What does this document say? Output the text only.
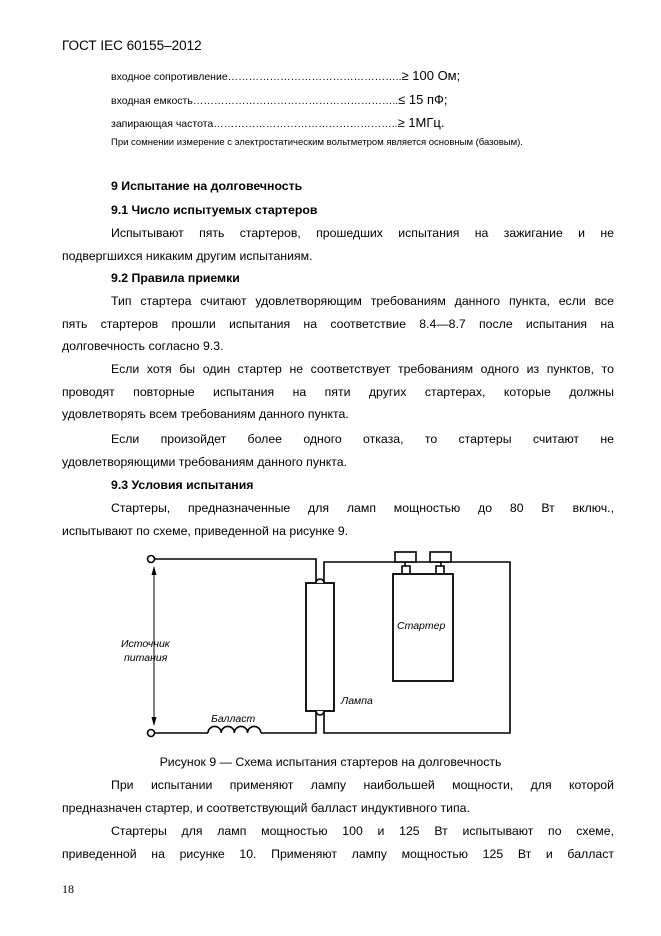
ГОСТ IEC 60155–2012
входное сопротивление…………………………………………..≥ 100 Ом;
входная емкость…………………………………………………..≤ 15 пФ;
запирающая частота……………………………………………..≥ 1МГц.
При сомнении измерение с электростатическим вольтметром является основным (базовым).
9 Испытание на долговечность
9.1 Число испытуемых стартеров
Испытывают пять стартеров, прошедших испытания на зажигание и не
подвергшихся никаким другим испытаниям.
9.2 Правила приемки
Тип стартера считают удовлетворяющим требованиям данного пункта, если все
пять стартеров прошли испытания на соответствие 8.4—8.7 после испытания на
долговечность согласно 9.3.
Если хотя бы один стартер не соответствует требованиям одного из пунктов, то
проводят повторные испытания на пяти других стартерах, которые должны
удовлетворять всем требованиям данного пункта.
Если произойдет более одного отказа, то стартеры считают не
удовлетворяющими требованиям данного пункта.
9.3 Условия испытания
Стартеры, предназначенные для ламп мощностью до 80 Вт включ.,
испытывают по схеме, приведенной на рисунке 9.
Источник
питания
Балласт
Лампа
Стартер
Рисунок 9 — Схема испытания стартеров на долговечность
При испытании применяют лампу наибольшей мощности, для которой
предназначен стартер, и соответствующий балласт индуктивного типа.
Стартеры для ламп мощностью 100 и 125 Вт испытывают по схеме,
приведенной на рисунке 10. Применяют лампу мощностью 125 Вт и балласт
18
